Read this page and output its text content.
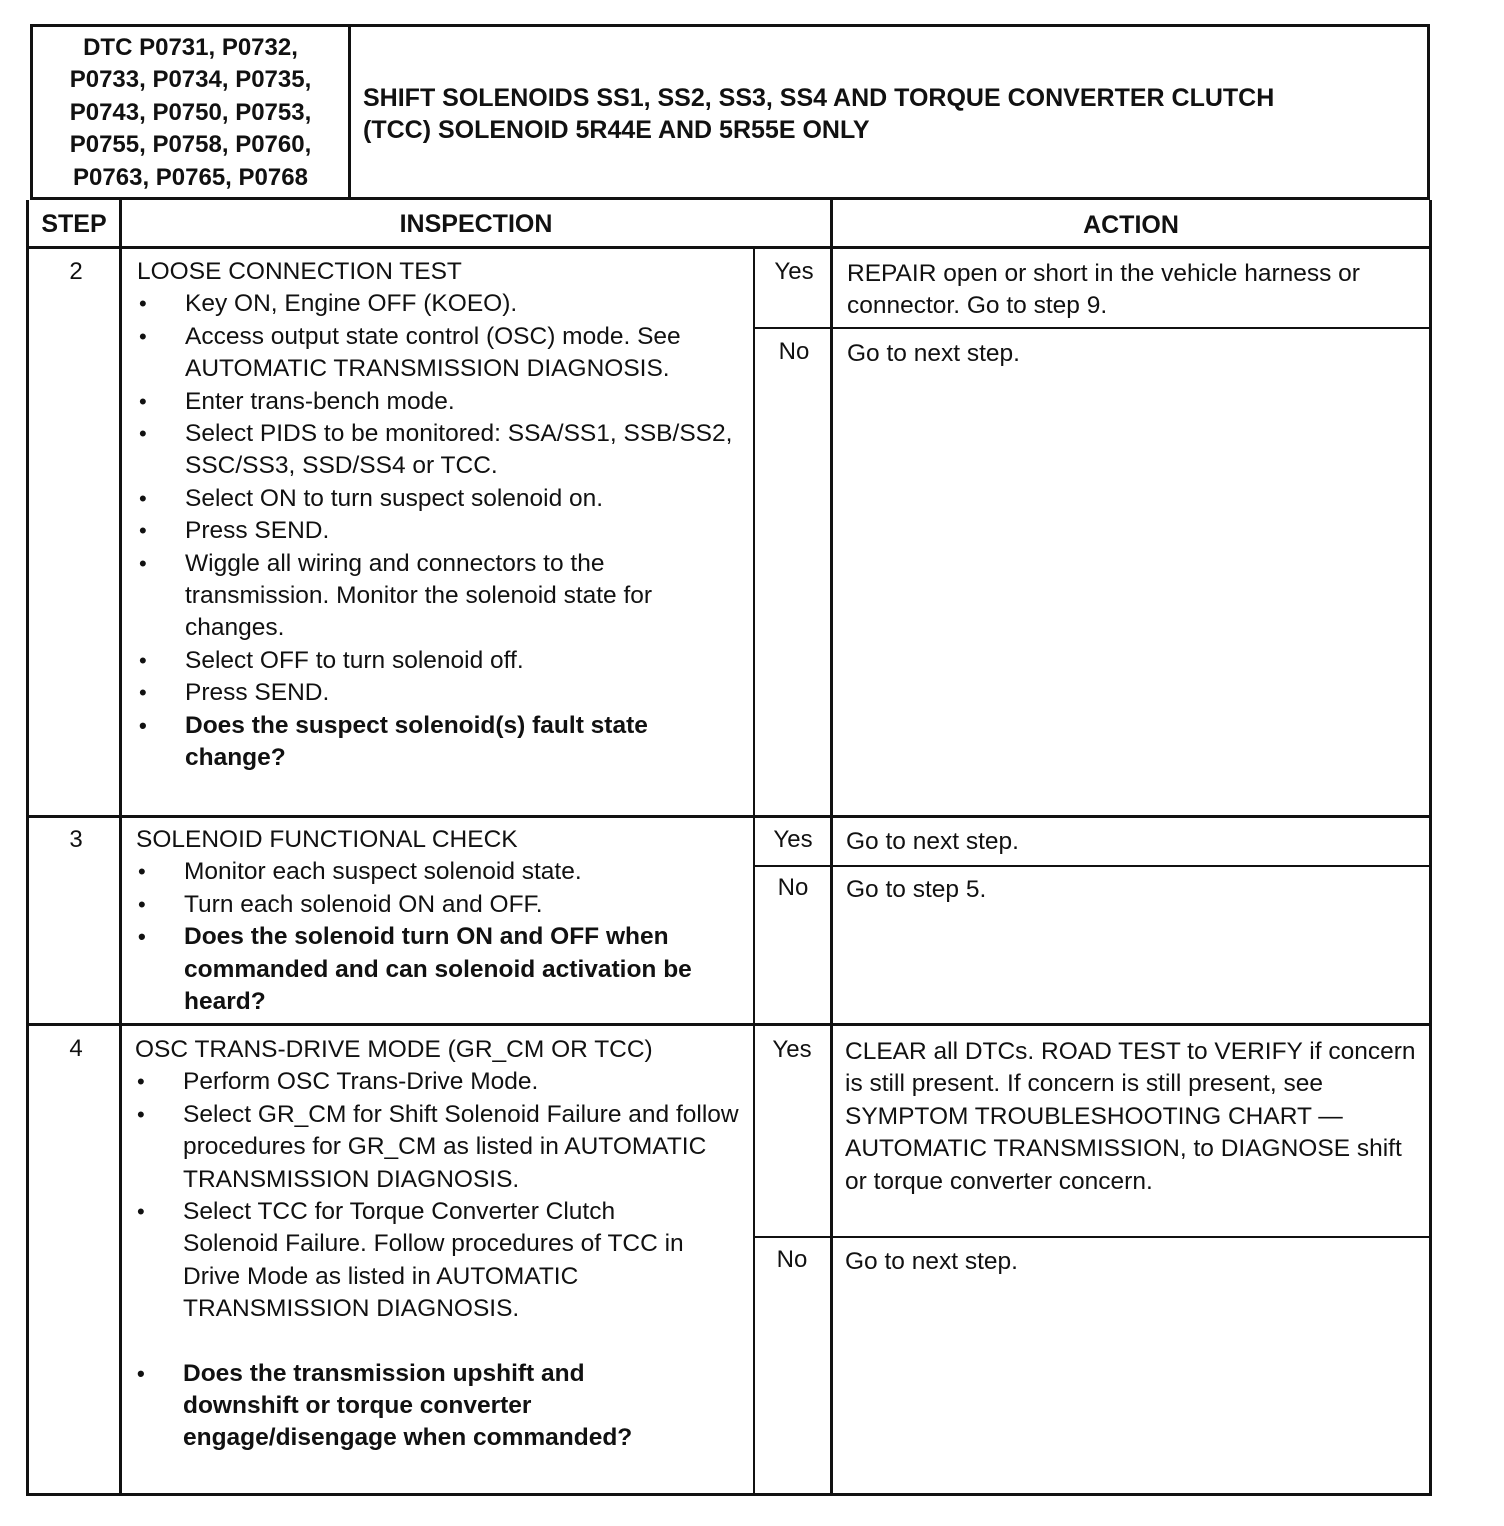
DTC P0731, P0732,
P0733, P0734, P0735,
P0743, P0750, P0753,
P0755, P0758, P0760,
P0763, P0765, P0768
SHIFT SOLENOIDS SS1, SS2, SS3, SS4 AND TORQUE CONVERTER CLUTCH
(TCC) SOLENOID 5R44E AND 5R55E ONLY
STEP	INSPECTION	ACTION
2	LOOSE CONNECTION TEST
• Key ON, Engine OFF (KOEO).
• Access output state control (OSC) mode. See AUTOMATIC TRANSMISSION DIAGNOSIS.
• Enter trans-bench mode.
• Select PIDS to be monitored: SSA/SS1, SSB/SS2, SSC/SS3, SSD/SS4 or TCC.
• Select ON to turn suspect solenoid on.
• Press SEND.
• Wiggle all wiring and connectors to the transmission. Monitor the solenoid state for changes.
• Select OFF to turn solenoid off.
• Press SEND.
• Does the suspect solenoid(s) fault state change?
Yes	REPAIR open or short in the vehicle harness or connector. Go to step 9.
No	Go to next step.
3	SOLENOID FUNCTIONAL CHECK
• Monitor each suspect solenoid state.
• Turn each solenoid ON and OFF.
• Does the solenoid turn ON and OFF when commanded and can solenoid activation be heard?
Yes	Go to next step.
No	Go to step 5.
4	OSC TRANS-DRIVE MODE (GR_CM OR TCC)
• Perform OSC Trans-Drive Mode.
• Select GR_CM for Shift Solenoid Failure and follow procedures for GR_CM as listed in AUTOMATIC TRANSMISSION DIAGNOSIS.
• Select TCC for Torque Converter Clutch Solenoid Failure. Follow procedures of TCC in Drive Mode as listed in AUTOMATIC TRANSMISSION DIAGNOSIS.
• Does the transmission upshift and downshift or torque converter engage/disengage when commanded?
Yes	CLEAR all DTCs. ROAD TEST to VERIFY if concern is still present. If concern is still present, see SYMPTOM TROUBLESHOOTING CHART — AUTOMATIC TRANSMISSION, to DIAGNOSE shift or torque converter concern.
No	Go to next step.
